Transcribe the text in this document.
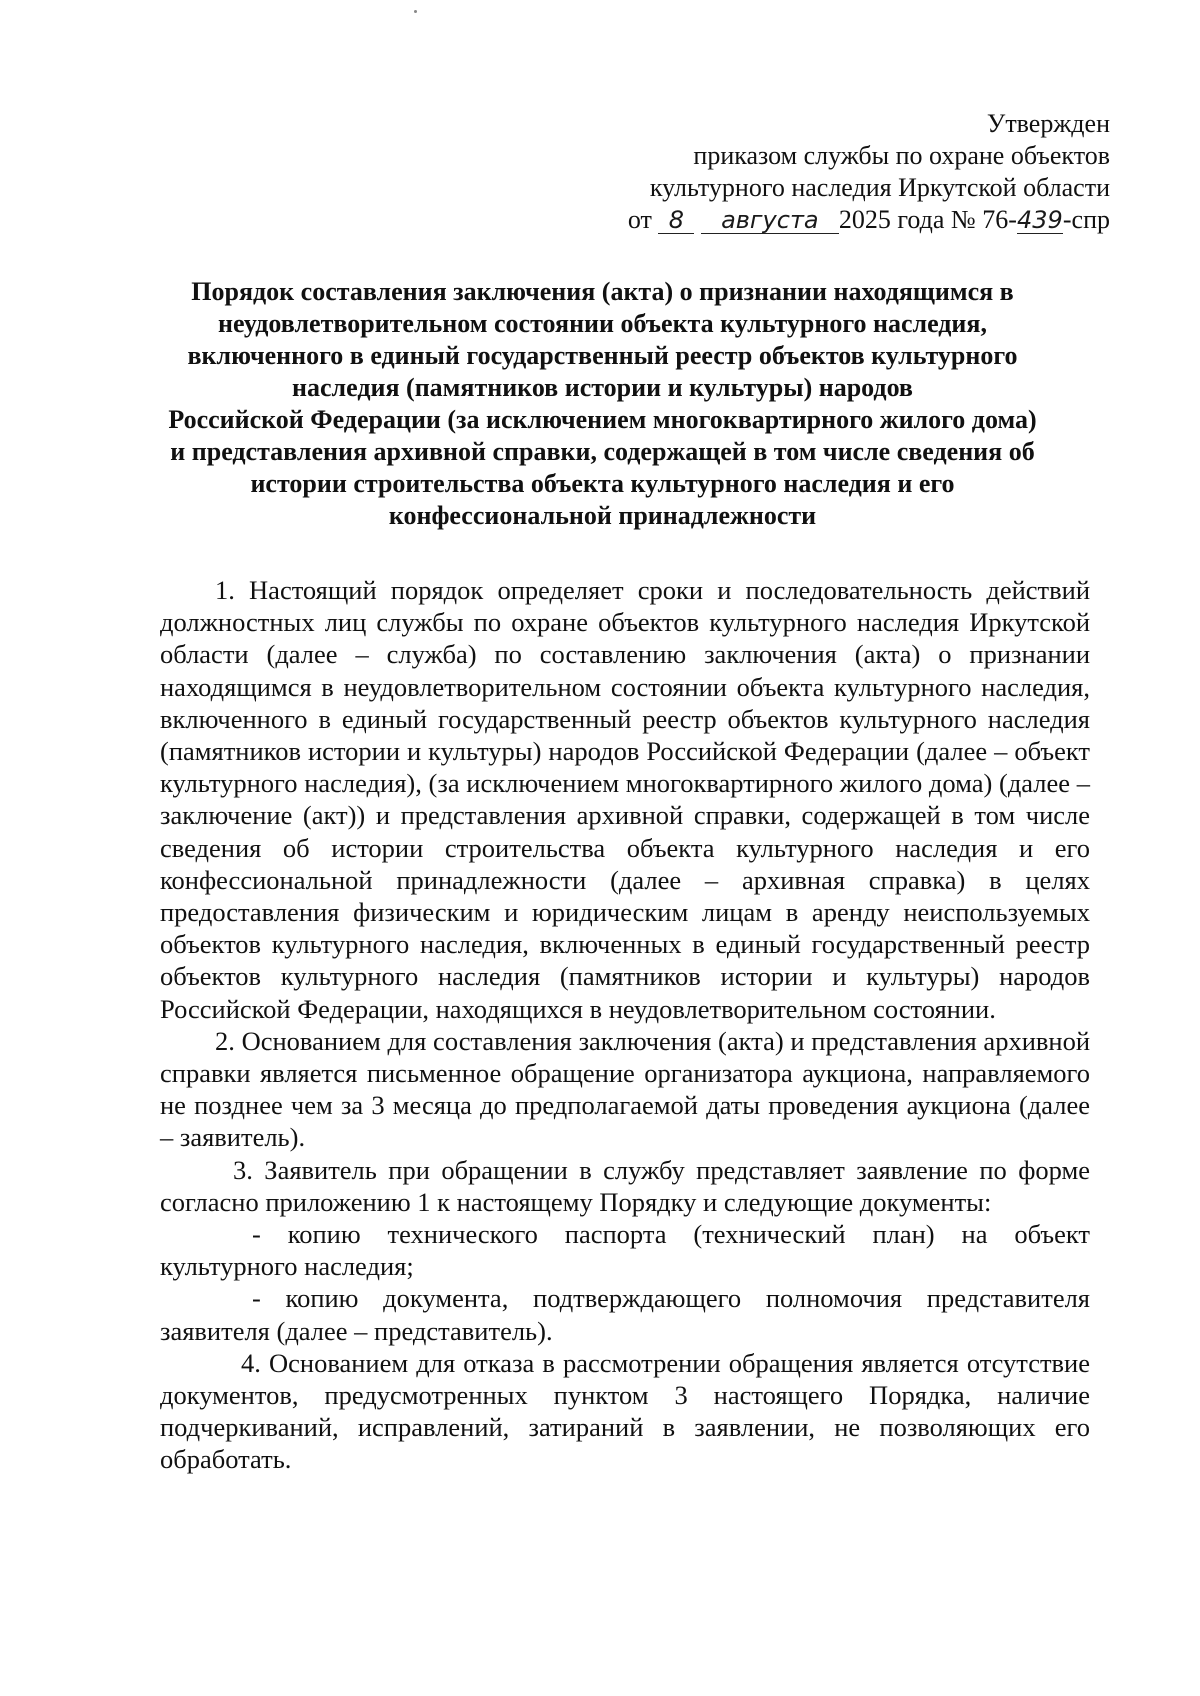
Утвержден
приказом службы по охране объектов
культурного наследия Иркутской области
от 8 августа 2025 года № 76-439-спр
Порядок составления заключения (акта) о признании находящимся в
неудовлетворительном состоянии объекта культурного наследия,
включенного в единый государственный реестр объектов культурного
наследия (памятников истории и культуры) народов
Российской Федерации (за исключением многоквартирного жилого дома)
и представления архивной справки, содержащей в том числе сведения об
истории строительства объекта культурного наследия и его
конфессиональной принадлежности

1. Настоящий порядок определяет сроки и последовательность действий должностных лиц службы по охране объектов культурного наследия Иркутской области (далее – служба) по составлению заключения (акта) о признании находящимся в неудовлетворительном состоянии объекта культурного наследия, включенного в единый государственный реестр объектов культурного наследия (памятников истории и культуры) народов Российской Федерации (далее – объект культурного наследия), (за исключением многоквартирного жилого дома) (далее – заключение (акт)) и представления архивной справки, содержащей в том числе сведения об истории строительства объекта культурного наследия и его конфессиональной принадлежности (далее – архивная справка) в целях предоставления физическим и юридическим лицам в аренду неиспользуемых объектов культурного наследия, включенных в единый государственный реестр объектов культурного наследия (памятников истории и культуры) народов Российской Федерации, находящихся в неудовлетворительном состоянии.

2. Основанием для составления заключения (акта) и представления архивной справки является письменное обращение организатора аукциона, направляемого не позднее чем за 3 месяца до предполагаемой даты проведения аукциона (далее – заявитель).

3. Заявитель при обращении в службу представляет заявление по форме согласно приложению 1 к настоящему Порядку и следующие документы:

- копию технического паспорта (технический план) на объект культурного наследия;

- копию документа, подтверждающего полномочия представителя заявителя (далее – представитель).

4. Основанием для отказа в рассмотрении обращения является отсутствие документов, предусмотренных пунктом 3 настоящего Порядка, наличие подчеркиваний, исправлений, затираний в заявлении, не позволяющих его обработать.
